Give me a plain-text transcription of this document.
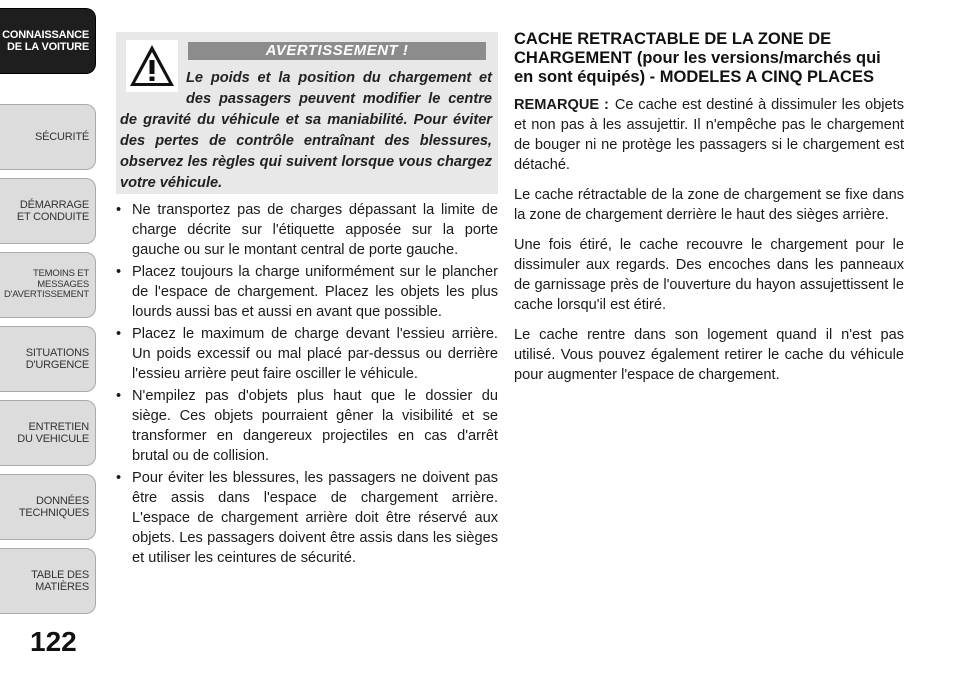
CONNAISSANCE
DE LA VOITURE
SÉCURITÉ
DÉMARRAGE
ET CONDUITE
TEMOINS ET
MESSAGES
D'AVERTISSEMENT
SITUATIONS
D'URGENCE
ENTRETIEN
DU VEHICULE
DONNÉES
TECHNIQUES
TABLE DES
MATIÈRES
122
AVERTISSEMENT !

Le poids et la position du chargement et des passagers peuvent modifier le centre de gravité du véhicule et sa maniabilité. Pour éviter des pertes de contrôle entraînant des blessures, observez les règles qui suivent lorsque vous chargez votre véhicule.

• Ne transportez pas de charges dépassant la limite de charge décrite sur l'étiquette apposée sur la porte gauche ou sur le montant central de porte gauche.
• Placez toujours la charge uniformément sur le plancher de l'espace de chargement. Placez les objets les plus lourds aussi bas et aussi en avant que possible.
• Placez le maximum de charge devant l'essieu arrière. Un poids excessif ou mal placé par-dessus ou derrière l'essieu arrière peut faire osciller le véhicule.
• N'empilez pas d'objets plus haut que le dossier du siège. Ces objets pourraient gêner la visibilité et se transformer en dangereux projectiles en cas d'arrêt brutal ou de collision.
• Pour éviter les blessures, les passagers ne doivent pas être assis dans l'espace de chargement arrière. L'espace de chargement arrière doit être réservé aux objets. Les passagers doivent être assis dans les sièges et utiliser les ceintures de sécurité.
CACHE RETRACTABLE DE LA ZONE DE CHARGEMENT (pour les versions/marchés qui en sont équipés) - MODELES A CINQ PLACES

REMARQUE : Ce cache est destiné à dissimuler les objets et non pas à les assujettir. Il n'empêche pas le chargement de bouger ni ne protège les passagers si le chargement est détaché.

Le cache rétractable de la zone de chargement se fixe dans la zone de chargement derrière le haut des sièges arrière.

Une fois étiré, le cache recouvre le chargement pour le dissimuler aux regards. Des encoches dans les panneaux de garnissage près de l'ouverture du hayon assujettissent le cache lorsqu'il est étiré.

Le cache rentre dans son logement quand il n'est pas utilisé. Vous pouvez également retirer le cache du véhicule pour augmenter l'espace de chargement.
